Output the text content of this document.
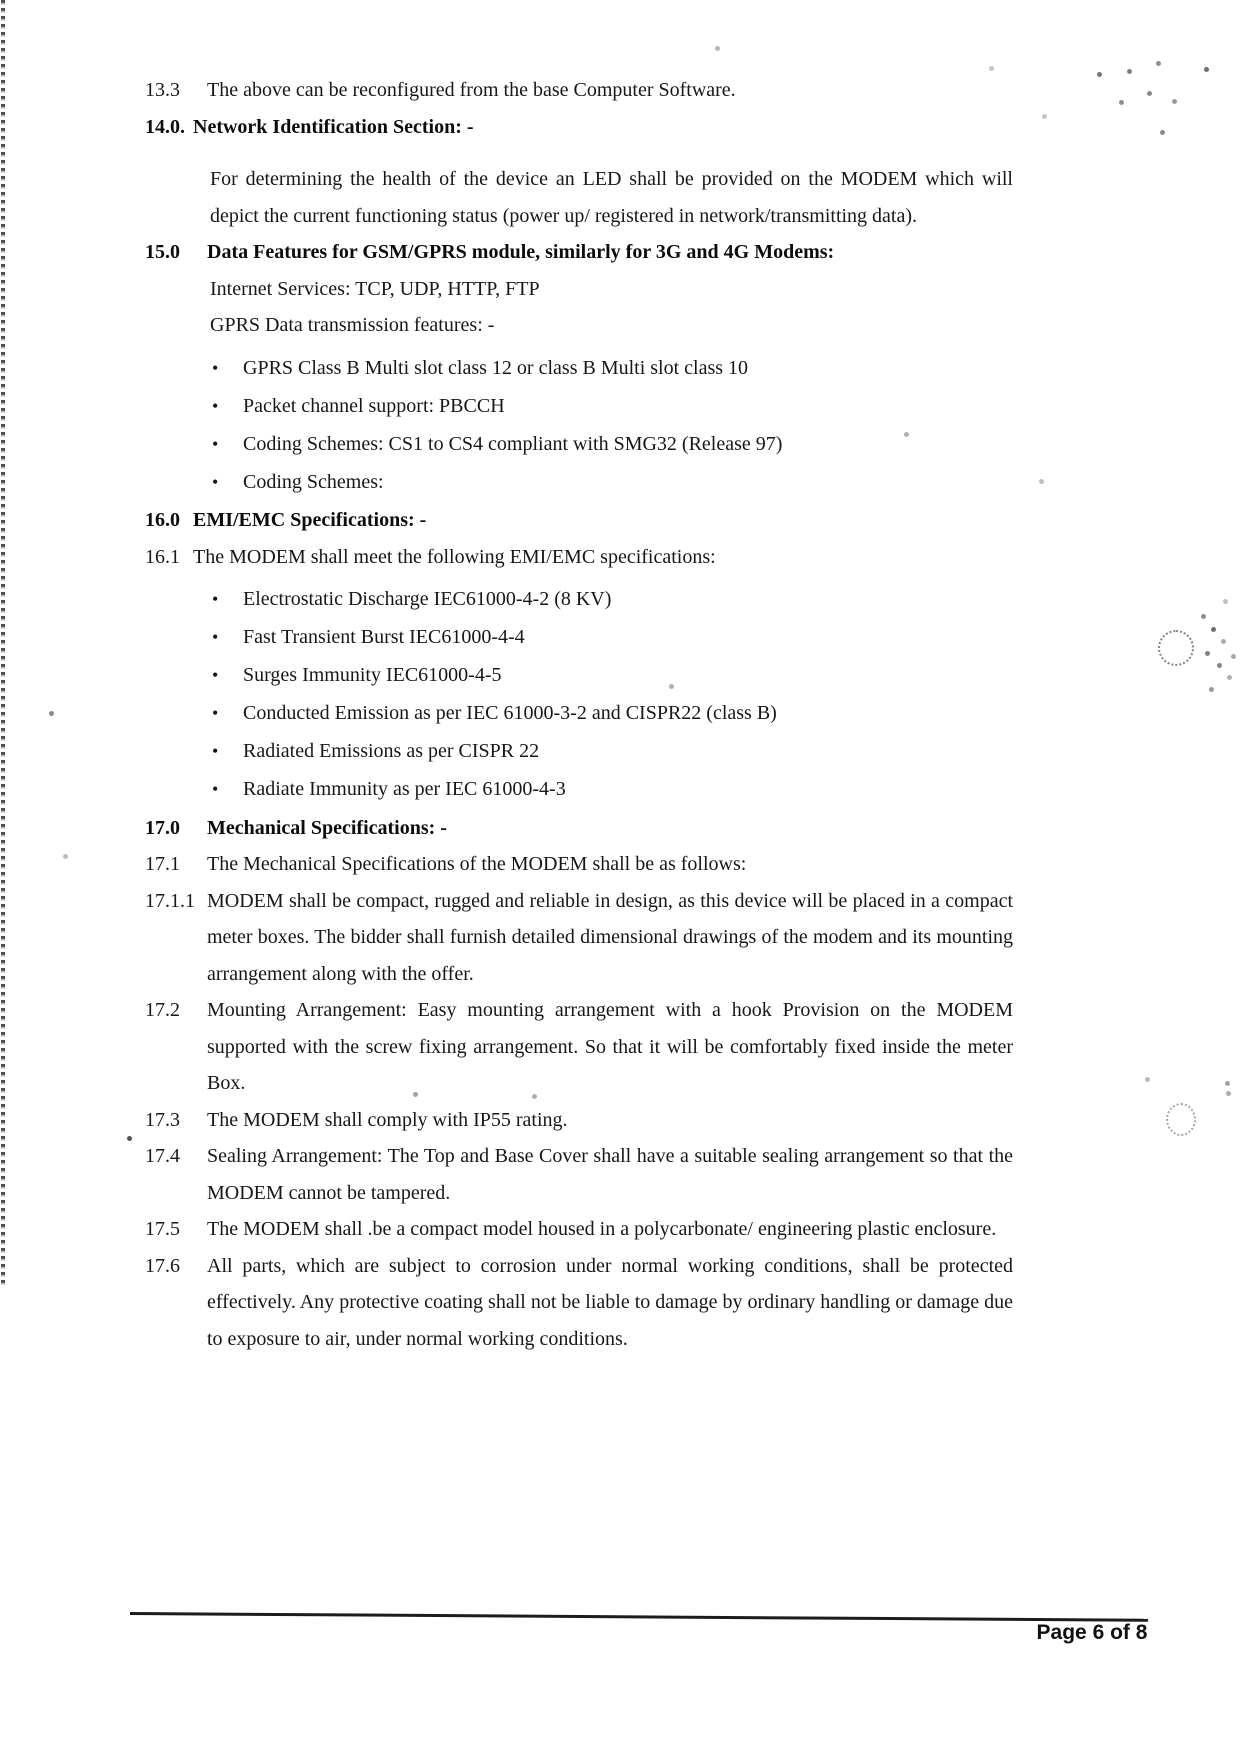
13.3 The above can be reconfigured from the base Computer Software.
14.0. Network Identification Section: -
For determining the health of the device an LED shall be provided on the MODEM which will depict the current functioning status (power up/ registered in network/transmitting data).
15.0 Data Features for GSM/GPRS module, similarly for 3G and 4G Modems:
Internet Services: TCP, UDP, HTTP, FTP
GPRS Data transmission features: -
• GPRS Class B Multi slot class 12 or class B Multi slot class 10
• Packet channel support: PBCCH
• Coding Schemes: CS1 to CS4 compliant with SMG32 (Release 97)
• Coding Schemes:
16.0 EMI/EMC Specifications: -
16.1 The MODEM shall meet the following EMI/EMC specifications:
• Electrostatic Discharge IEC61000-4-2 (8 KV)
• Fast Transient Burst IEC61000-4-4
• Surges Immunity IEC61000-4-5
• Conducted Emission as per IEC 61000-3-2 and CISPR22 (class B)
• Radiated Emissions as per CISPR 22
• Radiate Immunity as per IEC 61000-4-3
17.0 Mechanical Specifications: -
17.1 The Mechanical Specifications of the MODEM shall be as follows:
17.1.1 MODEM shall be compact, rugged and reliable in design, as this device will be placed in a compact meter boxes. The bidder shall furnish detailed dimensional drawings of the modem and its mounting arrangement along with the offer.
17.2 Mounting Arrangement: Easy mounting arrangement with a hook Provision on the MODEM supported with the screw fixing arrangement. So that it will be comfortably fixed inside the meter Box.
17.3 The MODEM shall comply with IP55 rating.
17.4 Sealing Arrangement: The Top and Base Cover shall have a suitable sealing arrangement so that the MODEM cannot be tampered.
17.5 The MODEM shall .be a compact model housed in a polycarbonate/ engineering plastic enclosure.
17.6 All parts, which are subject to corrosion under normal working conditions, shall be protected effectively. Any protective coating shall not be liable to damage by ordinary handling or damage due to exposure to air, under normal working conditions.
Page 6 of 8
